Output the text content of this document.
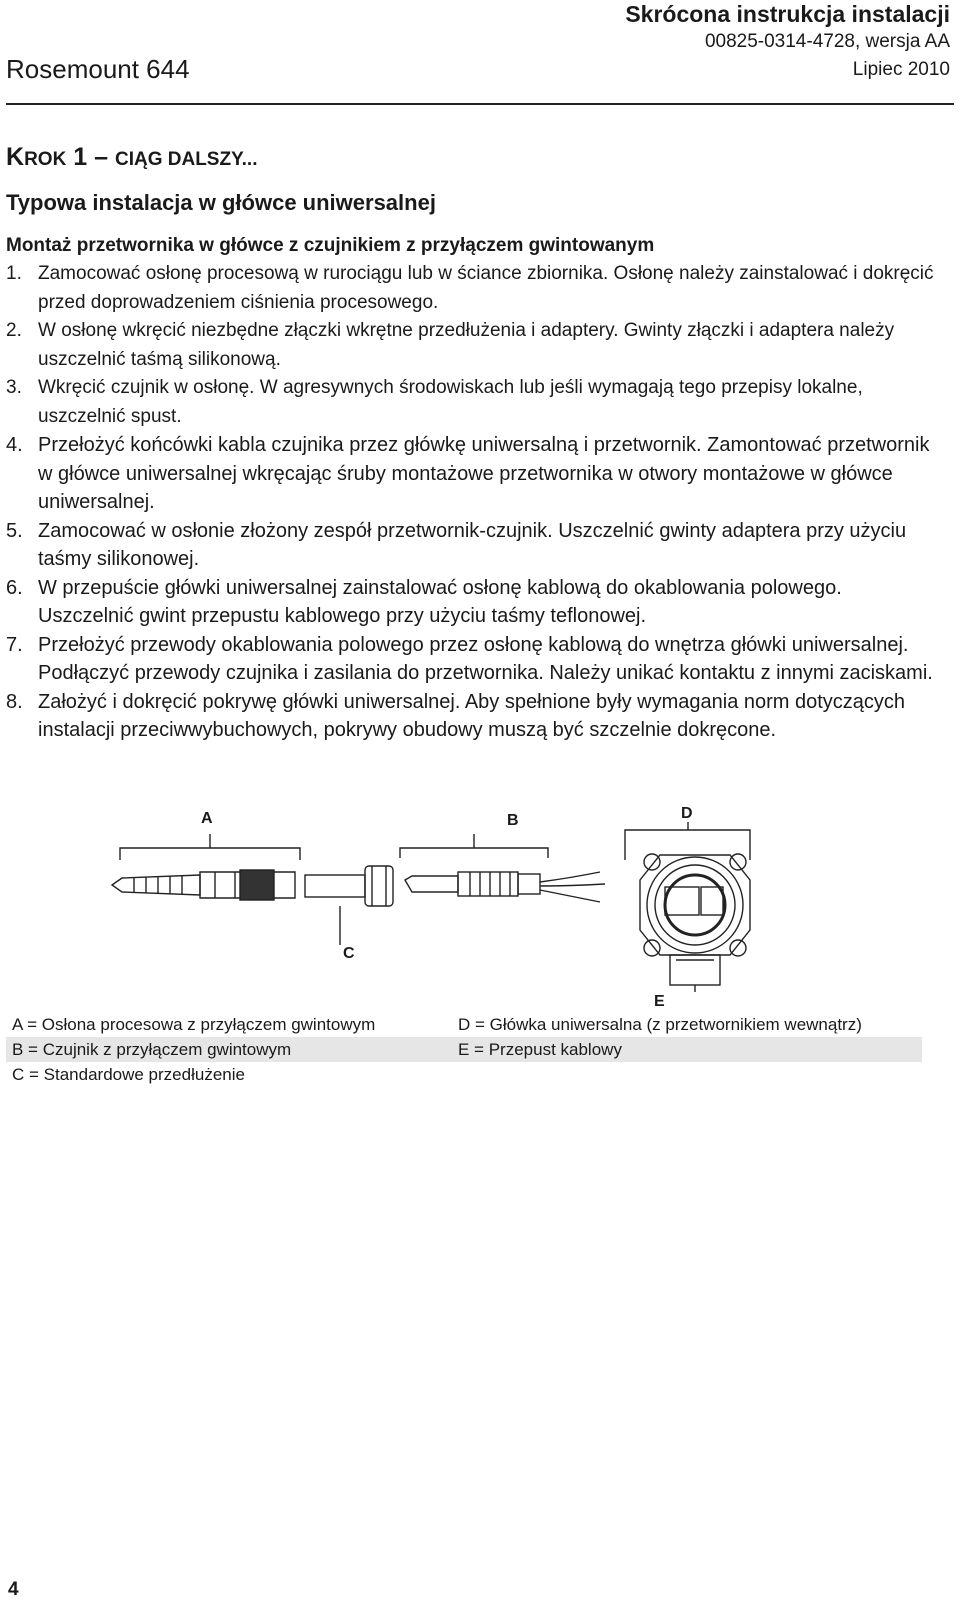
Skrócona instrukcja instalacji
00825-0314-4728, wersja AA
Lipiec 2010
Rosemount 644
KROK 1 – CIĄG DALSZY...
Typowa instalacja w główce uniwersalnej
Montaż przetwornika w główce z czujnikiem z przyłączem gwintowanym
1. Zamocować osłonę procesową w rurociągu lub w ściance zbiornika. Osłonę należy zainstalować i dokręcić przed doprowadzeniem ciśnienia procesowego.
2. W osłonę wkręcić niezbędne złączki wkrętne przedłużenia i adaptery. Gwinty złączki i adaptera należy uszczelnić taśmą silikonową.
3. Wkręcić czujnik w osłonę. W agresywnych środowiskach lub jeśli wymagają tego przepisy lokalne, uszczelnić spust.
4. Przełożyć końcówki kabla czujnika przez główkę uniwersalną i przetwornik. Zamontować przetwornik w główce uniwersalnej wkręcając śruby montażowe przetwornika w otwory montażowe w główce uniwersalnej.
5. Zamocować w osłonie złożony zespół przetwornik-czujnik. Uszczelnić gwinty adaptera przy użyciu taśmy silikonowej.
6. W przepuście główki uniwersalnej zainstalować osłonę kablową do okablowania polowego. Uszczelnić gwint przepustu kablowego przy użyciu taśmy teflonowej.
7. Przełożyć przewody okablowania polowego przez osłonę kablową do wnętrza główki uniwersalnej. Podłączyć przewody czujnika i zasilania do przetwornika. Należy unikać kontaktu z innymi zaciskami.
8. Założyć i dokręcić pokrywę główki uniwersalnej. Aby spełnione były wymagania norm dotyczących instalacji przeciwwybuchowych, pokrywy obudowy muszą być szczelnie dokręcone.
A	B	D
C
E
A = Osłona procesowa z przyłączem gwintowym	D = Główka uniwersalna (z przetwornikiem wewnątrz)
B = Czujnik z przyłączem gwintowym	E = Przepust kablowy
C = Standardowe przedłużenie
4
